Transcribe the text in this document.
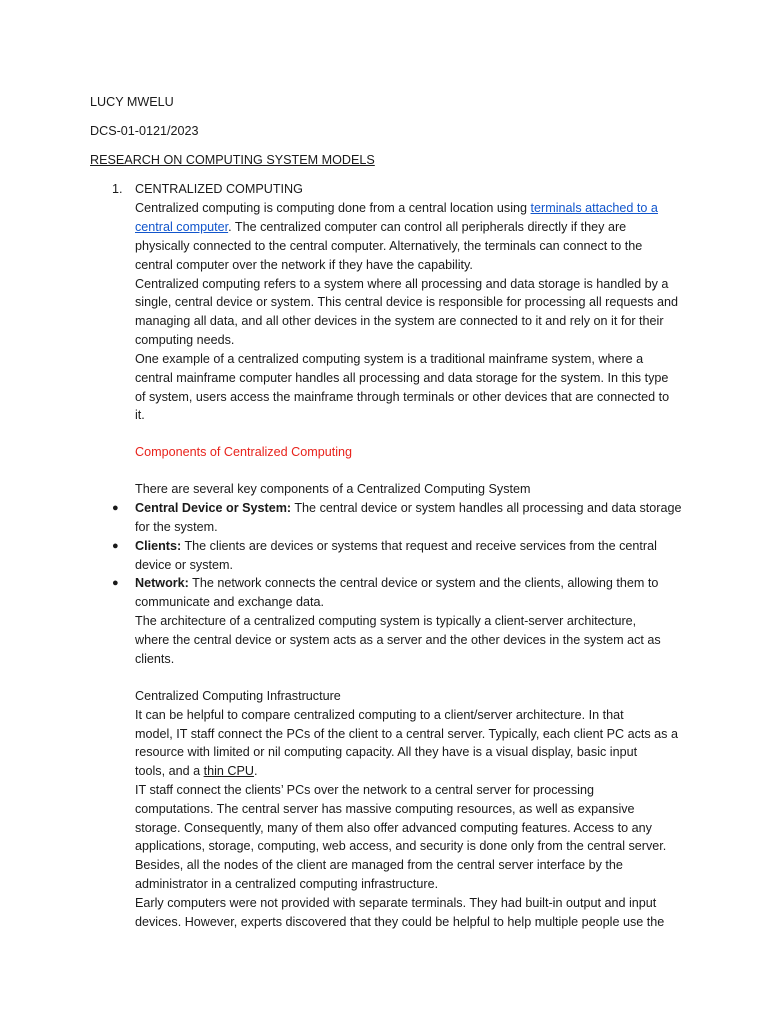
LUCY MWELU
DCS-01-0121/2023
RESEARCH ON COMPUTING SYSTEM MODELS
1. CENTRALIZED COMPUTING
Centralized computing is computing done from a central location using terminals attached to a
central computer. The centralized computer can control all peripherals directly if they are
physically connected to the central computer. Alternatively, the terminals can connect to the
central computer over the network if they have the capability.
Centralized computing refers to a system where all processing and data storage is handled by a
single, central device or system. This central device is responsible for processing all requests and
managing all data, and all other devices in the system are connected to it and rely on it for their
computing needs.
One example of a centralized computing system is a traditional mainframe system, where a
central mainframe computer handles all processing and data storage for the system. In this type
of system, users access the mainframe through terminals or other devices that are connected to
it.
Components of Centralized Computing
There are several key components of a Centralized Computing System
● Central Device or System: The central device or system handles all processing and data storage
for the system.
● Clients: The clients are devices or systems that request and receive services from the central
device or system.
● Network: The network connects the central device or system and the clients, allowing them to
communicate and exchange data.
The architecture of a centralized computing system is typically a client-server architecture,
where the central device or system acts as a server and the other devices in the system act as
clients.
Centralized Computing Infrastructure
It can be helpful to compare centralized computing to a client/server architecture. In that
model, IT staff connect the PCs of the client to a central server. Typically, each client PC acts as a
resource with limited or nil computing capacity. All they have is a visual display, basic input
tools, and a thin CPU.
IT staff connect the clients’ PCs over the network to a central server for processing
computations. The central server has massive computing resources, as well as expansive
storage. Consequently, many of them also offer advanced computing features. Access to any
applications, storage, computing, web access, and security is done only from the central server.
Besides, all the nodes of the client are managed from the central server interface by the
administrator in a centralized computing infrastructure.
Early computers were not provided with separate terminals. They had built-in output and input
devices. However, experts discovered that they could be helpful to help multiple people use the
